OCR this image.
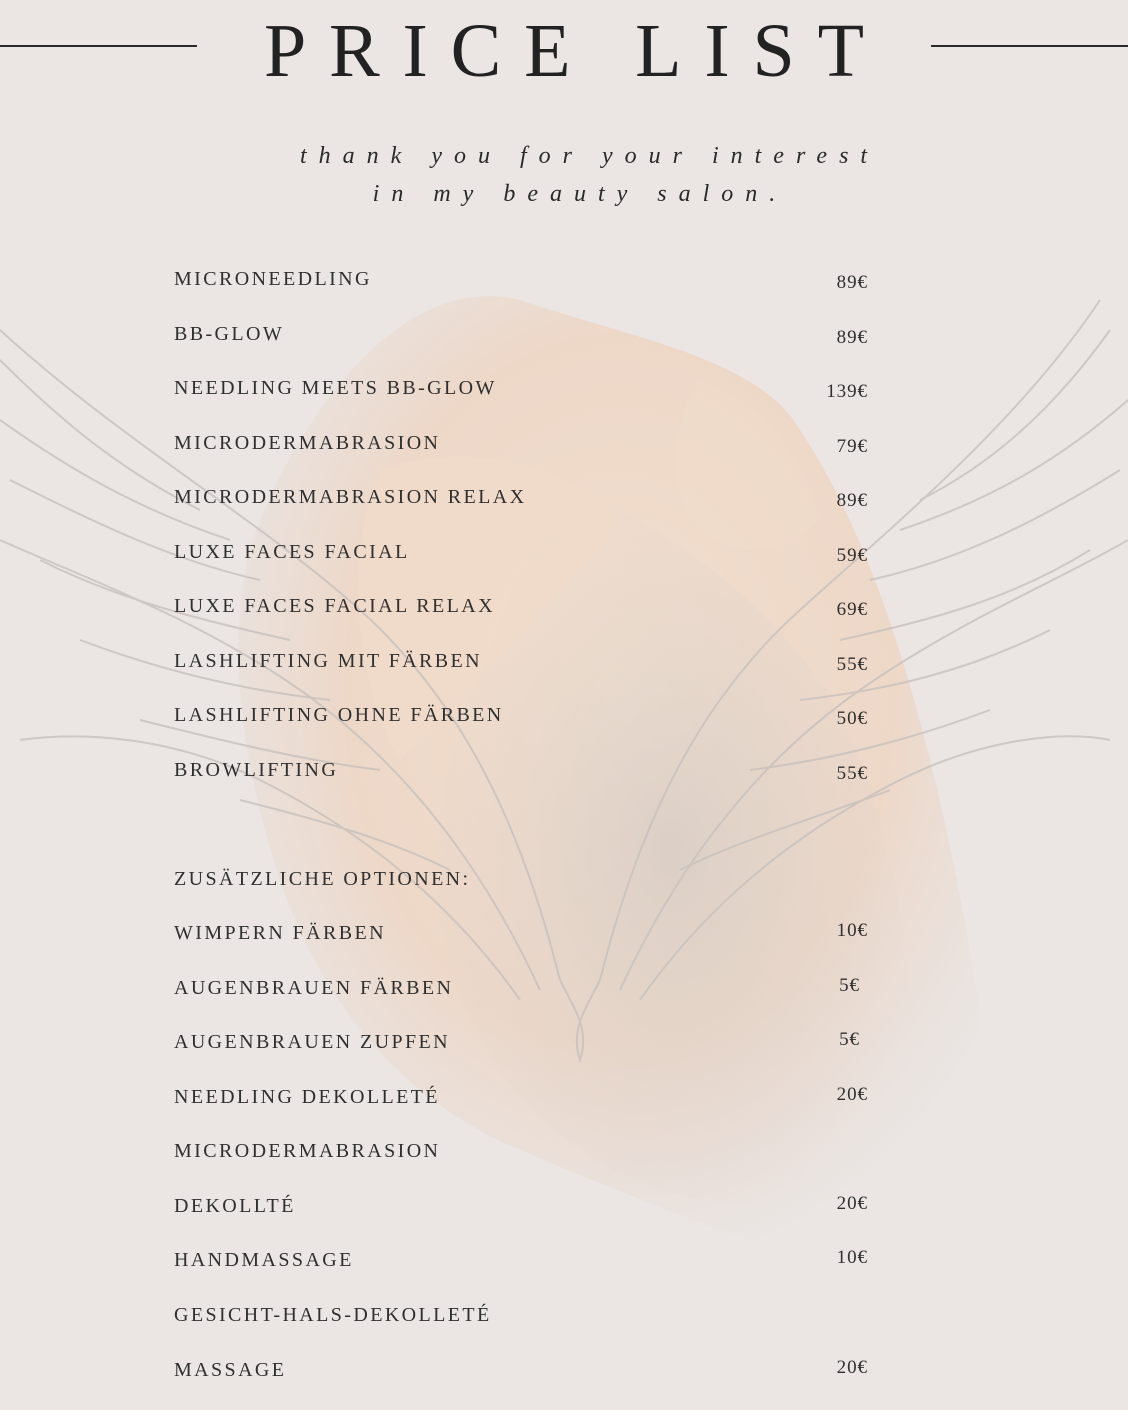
PRICE LIST
thank you for your interest
in my beauty salon.
MICRONEEDLING	89€
BB-GLOW	89€
NEEDLING MEETS BB-GLOW	139€
MICRODERMABRASION	79€
MICRODERMABRASION RELAX	89€
LUXE FACES FACIAL	59€
LUXE FACES FACIAL RELAX	69€
LASHLIFTING MIT FÄRBEN	55€
LASHLIFTING OHNE FÄRBEN	50€
BROWLIFTING	55€
ZUSÄTZLICHE OPTIONEN:
WIMPERN FÄRBEN	10€
AUGENBRAUEN FÄRBEN	5€
AUGENBRAUEN ZUPFEN	5€
NEEDLING DEKOLLETÉ	20€
MICRODERMABRASION
DEKOLLTÉ	20€
HANDMASSAGE	10€
GESICHT-HALS-DEKOLLETÉ
MASSAGE	20€
